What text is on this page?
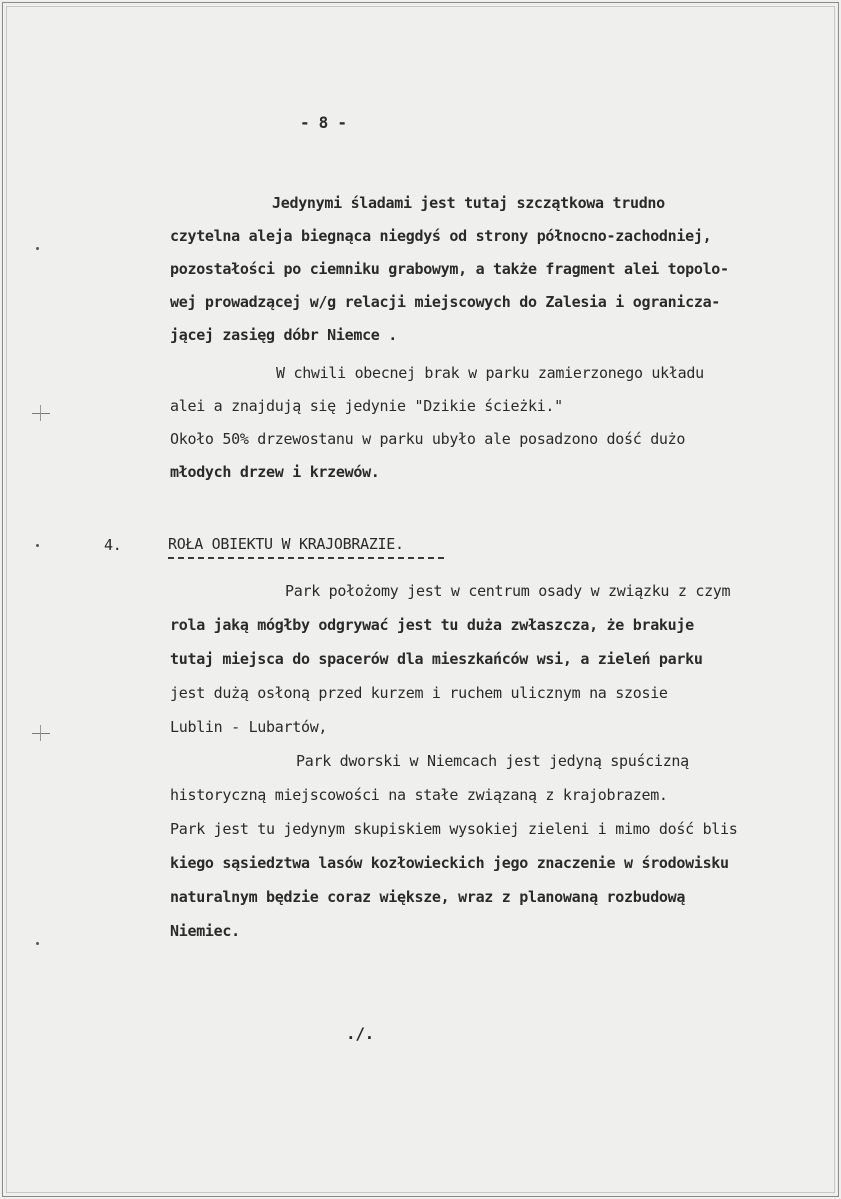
- 8 -
Jedynymi śladami jest tutaj szczątkowa trudno
czytelna aleja biegnąca niegdyś od strony północno-zachodniej,
pozostałości po ciemniku grabowym, a także fragment alei topolo-
wej prowadzącej w/g relacji miejscowych do Zalesia i ogranicza-
jącej zasięg dóbr Niemce .
W chwili obecnej brak w parku zamierzonego układu
alei a znajdują się jedynie "Dzikie ścieżki."
Około 50% drzewostanu w parku ubyło ale posadzono dość dużo
młodych drzew i krzewów.
4.	ROŁA OBIEKTU W KRAJOBRAZIE.
Park położomy jest w centrum osady w związku z czym
rola jaką mógłby odgrywać jest tu duża zwłaszcza, że brakuje
tutaj miejsca do spacerów dla mieszkańców wsi, a zieleń parku
jest dużą osłoną przed kurzem i ruchem ulicznym na szosie
Lublin - Lubartów,
Park dworski w Niemcach jest jedyną spuścizną
historyczną miejscowości na stałe związaną z krajobrazem.
Park jest tu jedynym skupiskiem wysokiej zieleni i mimo dość blis
kiego sąsiedztwa lasów kozłowieckich jego znaczenie w środowisku
naturalnym będzie coraz większe, wraz z planowaną rozbudową
Niemiec.
./.
